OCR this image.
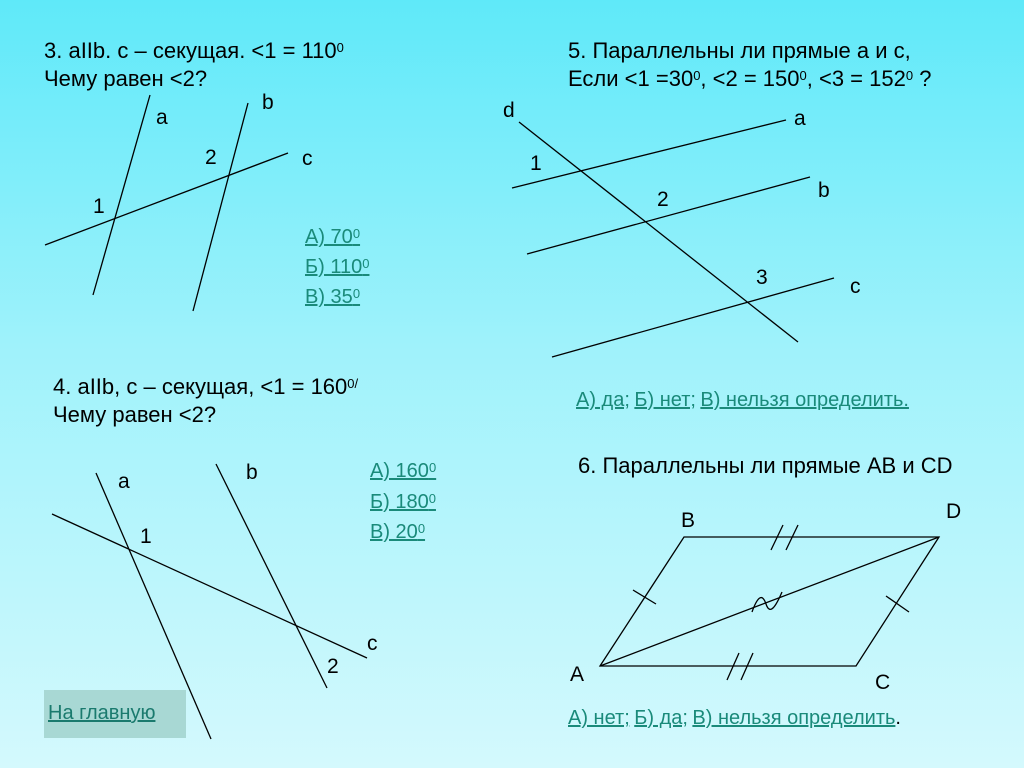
3. aIIb. c – секущая. $<1 = 110^0$
Чему равен <2?
a
b
c
2
1
А) $70^0$
Б) $110^0$
В) $35^0$
5. Параллельны ли прямые а и с,
Если $<1 =30^0$, $<2 = 150^0$, $<3 = 152^0$ ?
d	a
b
c
1
2
3
А) да; Б) нет; В) нельзя определить.
4. aIIb, c – секущая, $<1 = 160^{0/}$
Чему равен <2?
a	b
c
1
2
А) $160^0$
Б) $180^0$
В) $20^0$
6. Параллельны ли прямые AB и CD
B	D
A	C
А) нет; Б) да; В) нельзя определить.
На главную
